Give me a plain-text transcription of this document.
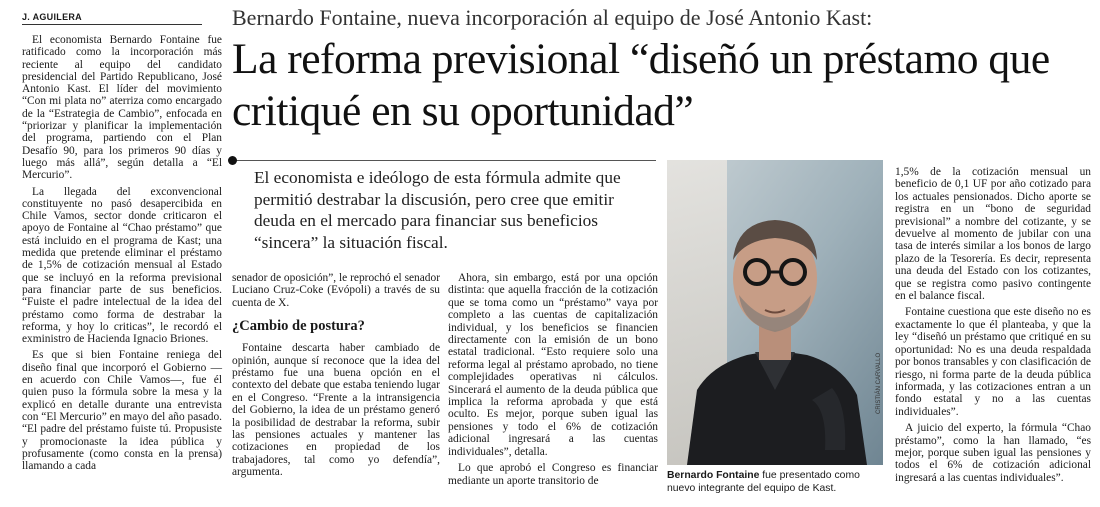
J. AGUILERA

El economista Bernardo Fontaine fue ratificado como la incorporación más reciente al equipo del candidato presidencial del Partido Republicano, José Antonio Kast. El líder del movimiento “Con mi plata no” aterriza como encargado de la “Estrategia de Cambio”, enfocada en “priorizar y planificar la implementación del programa, partiendo con el Plan Desafío 90, para los primeros 90 días y luego más allá”, según detalla a “El Mercurio”.

La llegada del exconvencional constituyente no pasó desapercibida en Chile Vamos, sector donde criticaron el apoyo de Fontaine al “Chao préstamo” que está incluido en el programa de Kast; una medida que pretende eliminar el préstamo de 1,5% de cotización mensual al Estado que se incluyó en la reforma previsional para financiar parte de sus beneficios. “Fuiste el padre intelectual de la idea del préstamo como forma de destrabar la reforma, y hoy lo criticas”, le recordó el exministro de Hacienda Ignacio Briones.

Es que si bien Fontaine reniega del diseño final que incorporó el Gobierno —en acuerdo con Chile Vamos—, fue él quien puso la fórmula sobre la mesa y la explicó en detalle durante una entrevista con “El Mercurio” en mayo del año pasado. “El padre del préstamo fuiste tú. Propusiste y promocionaste la idea pública y profusamente (como consta en la prensa) llamando a cada

Bernardo Fontaine, nueva incorporación al equipo de José Antonio Kast:
La reforma previsional “diseñó un préstamo que critiqué en su oportunidad”
El economista e ideólogo de esta fórmula admite que permitió destrabar la discusión, pero cree que emitir deuda en el mercado para financiar sus beneficios “sincera” la situación fiscal.

senador de oposición”, le reprochó el senador Luciano Cruz-Coke (Evópoli) a través de su cuenta de X.

¿Cambio de postura?

Fontaine descarta haber cambiado de opinión, aunque sí reconoce que la idea del préstamo fue una buena opción en el contexto del debate que estaba teniendo lugar en el Congreso. “Frente a la intransigencia del Gobierno, la idea de un préstamo generó la posibilidad de destrabar la reforma, subir las pensiones actuales y mantener las cotizaciones en propiedad de los trabajadores, tal como yo defendía”, argumenta.

Ahora, sin embargo, está por una opción distinta: que aquella fracción de la cotización que se toma como un “préstamo” vaya por completo a las cuentas de capitalización individual, y los beneficios se financien directamente con la emisión de un bono estatal tradicional. “Esto requiere solo una reforma legal al préstamo aprobado, no tiene complejidades operativas ni cálculos. Sincerará el aumento de la deuda pública que implica la reforma aprobada y que está oculto. Es mejor, porque suben igual las pensiones y todo el 6% de cotización adicional ingresará a las cuentas individuales”, detalla.

Lo que aprobó el Congreso es financiar mediante un aporte transitorio de

CRISTIÁN CARVALLO
Bernardo Fontaine fue presentado como nuevo integrante del equipo de Kast.

1,5% de la cotización mensual un beneficio de 0,1 UF por año cotizado para los actuales pensionados. Dicho aporte se registra en un “bono de seguridad previsional” a nombre del cotizante, y se devuelve al momento de jubilar con una tasa de interés similar a los bonos de largo plazo de la Tesorería. Es decir, representa una deuda del Estado con los cotizantes, que se registra como pasivo contingente en el balance fiscal.

Fontaine cuestiona que este diseño no es exactamente lo que él planteaba, y que la ley “diseñó un préstamo que critiqué en su oportunidad: No es una deuda respaldada por bonos transables y con clasificación de riesgo, ni forma parte de la deuda pública informada, y las cotizaciones entran a un fondo estatal y no a las cuentas individuales”.

A juicio del experto, la fórmula “Chao préstamo”, como la han llamado, “es mejor, porque suben igual las pensiones y todos el 6% de cotización adicional ingresará a las cuentas individuales”.
